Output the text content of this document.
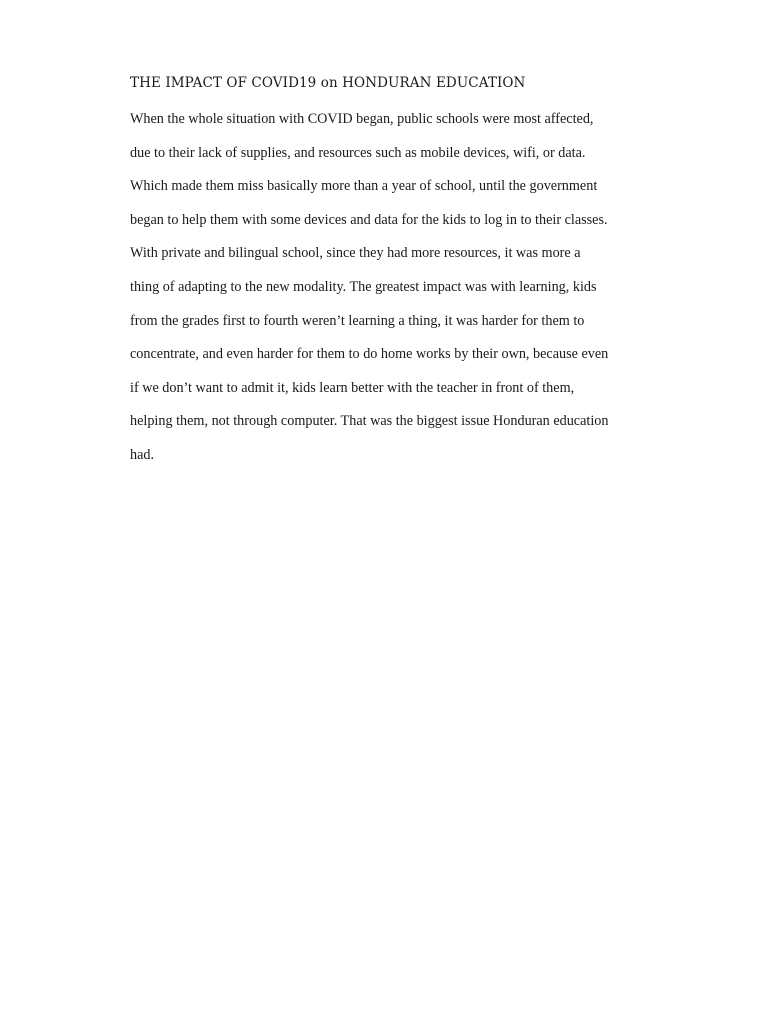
THE IMPACT OF COVID19 on HONDURAN EDUCATION
When the whole situation with COVID began, public schools were most affected,
due to their lack of supplies, and resources such as mobile devices, wifi, or data.
Which made them miss basically more than a year of school, until the government
began to help them with some devices and data for the kids to log in to their classes.
With private and bilingual school, since they had more resources, it was more a
thing of adapting to the new modality. The greatest impact was with learning, kids
from the grades first to fourth weren’t learning a thing, it was harder for them to
concentrate, and even harder for them to do home works by their own, because even
if we don’t want to admit it, kids learn better with the teacher in front of them,
helping them, not through computer. That was the biggest issue Honduran education
had.
